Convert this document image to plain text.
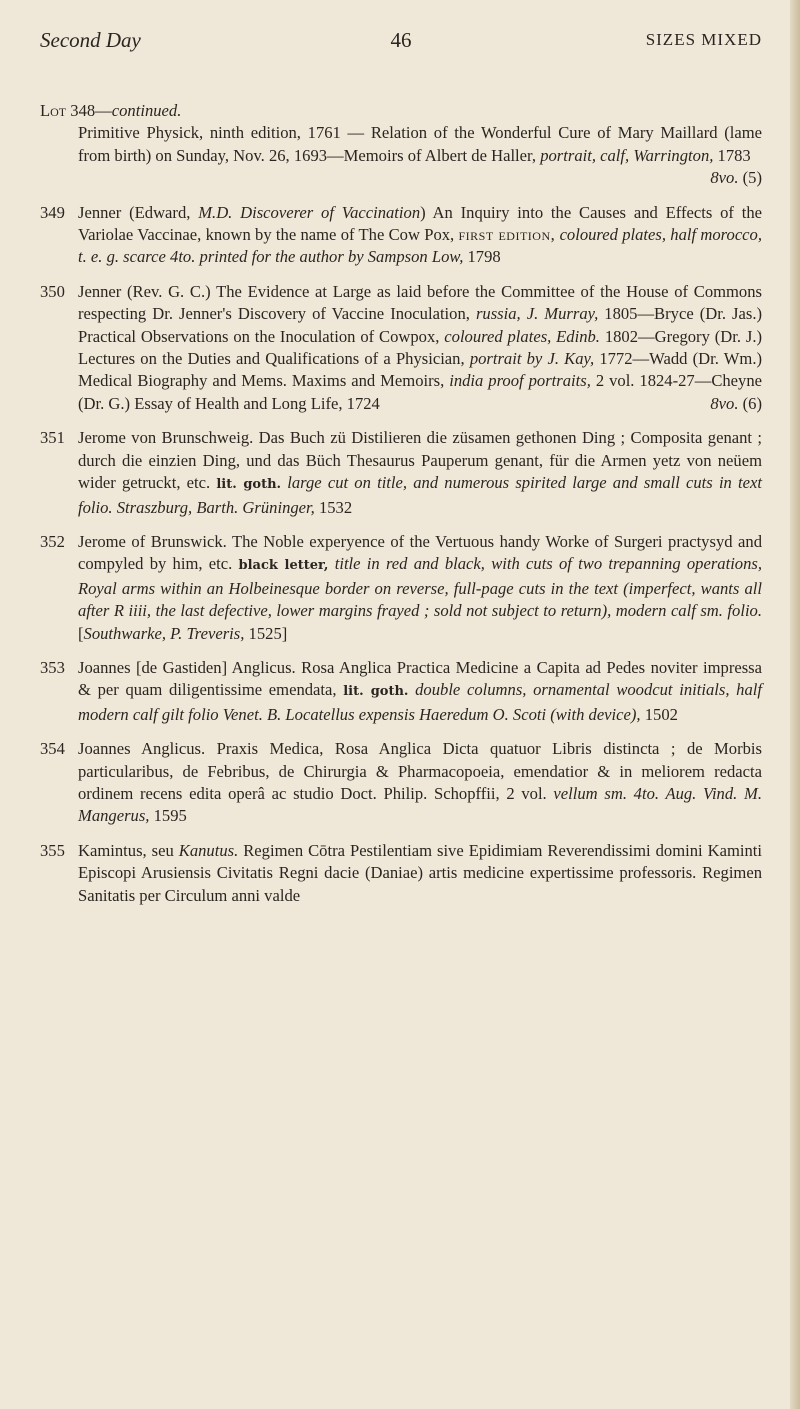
Second Day	46	SIZES MIXED
Lot 348—continued.
Primitive Physick, ninth edition, 1761 — Relation of the Wonderful Cure of Mary Maillard (lame from birth) on Sunday, Nov. 26, 1693—Memoirs of Albert de Haller, portrait, calf, Warrington, 1783
8vo. (5)
349 Jenner (Edward, M.D. Discoverer of Vaccination) An Inquiry into the Causes and Effects of the Variolae Vaccinae, known by the name of The Cow Pox, first edition, coloured plates, half morocco, t. e. g. scarce 4to. printed for the author by Sampson Low, 1798
350 Jenner (Rev. G. C.) The Evidence at Large as laid before the Committee of the House of Commons respecting Dr. Jenner's Discovery of Vaccine Inoculation, russia, J. Murray, 1805—Bryce (Dr. Jas.) Practical Observations on the Inoculation of Cowpox, coloured plates, Edinb. 1802—Gregory (Dr. J.) Lectures on the Duties and Qualifications of a Physician, portrait by J. Kay, 1772—Wadd (Dr. Wm.) Medical Biography and Mems. Maxims and Memoirs, india proof portraits, 2 vol. 1824-27—Cheyne (Dr. G.) Essay of Health and Long Life, 1724	8vo. (6)
351 Jerome von Brunschweig. Das Buch zü Distilieren die züsamen gethonen Ding ; Composita genant ; durch die einzien Ding, und das Büch Thesaurus Pauperum genant, für die Armen yetz von neüem wider getruckt, etc. lit. goth. large cut on title, and numerous spirited large and small cuts in text folio. Straszburg, Barth. Grüninger, 1532
352 Jerome of Brunswick. The Noble experyence of the Vertuous handy Worke of Surgeri practysyd and compyled by him, etc. black letter, title in red and black, with cuts of two trepanning operations, Royal arms within an Holbeinesque border on reverse, full-page cuts in the text (imperfect, wants all after R iiii, the last defective, lower margins frayed ; sold not subject to return), modern calf sm. folio. [Southwarke, P. Treveris, 1525]
353 Joannes [de Gastiden] Anglicus. Rosa Anglica Practica Medicine a Capita ad Pedes noviter impressa & per quam diligentissime emendata, lit. goth. double columns, ornamental woodcut initials, half modern calf gilt folio Venet. B. Locatellus expensis Haeredum O. Scoti (with device), 1502
354 Joannes Anglicus. Praxis Medica, Rosa Anglica Dicta quatuor Libris distincta ; de Morbis particularibus, de Febribus, de Chirurgia & Pharmacopoeia, emendatior & in meliorem redacta ordinem recens edita operâ ac studio Doct. Philip. Schopffii, 2 vol. vellum sm. 4to. Aug. Vind. M. Mangerus, 1595
355 Kamintus, seu Kanutus. Regimen Cōtra Pestilentiam sive Epidimiam Reverendissimi domini Kaminti Episcopi Arusiensis Civitatis Regni dacie (Daniae) artis medicine expertissime professoris. Regimen Sanitatis per Circulum anni valde
